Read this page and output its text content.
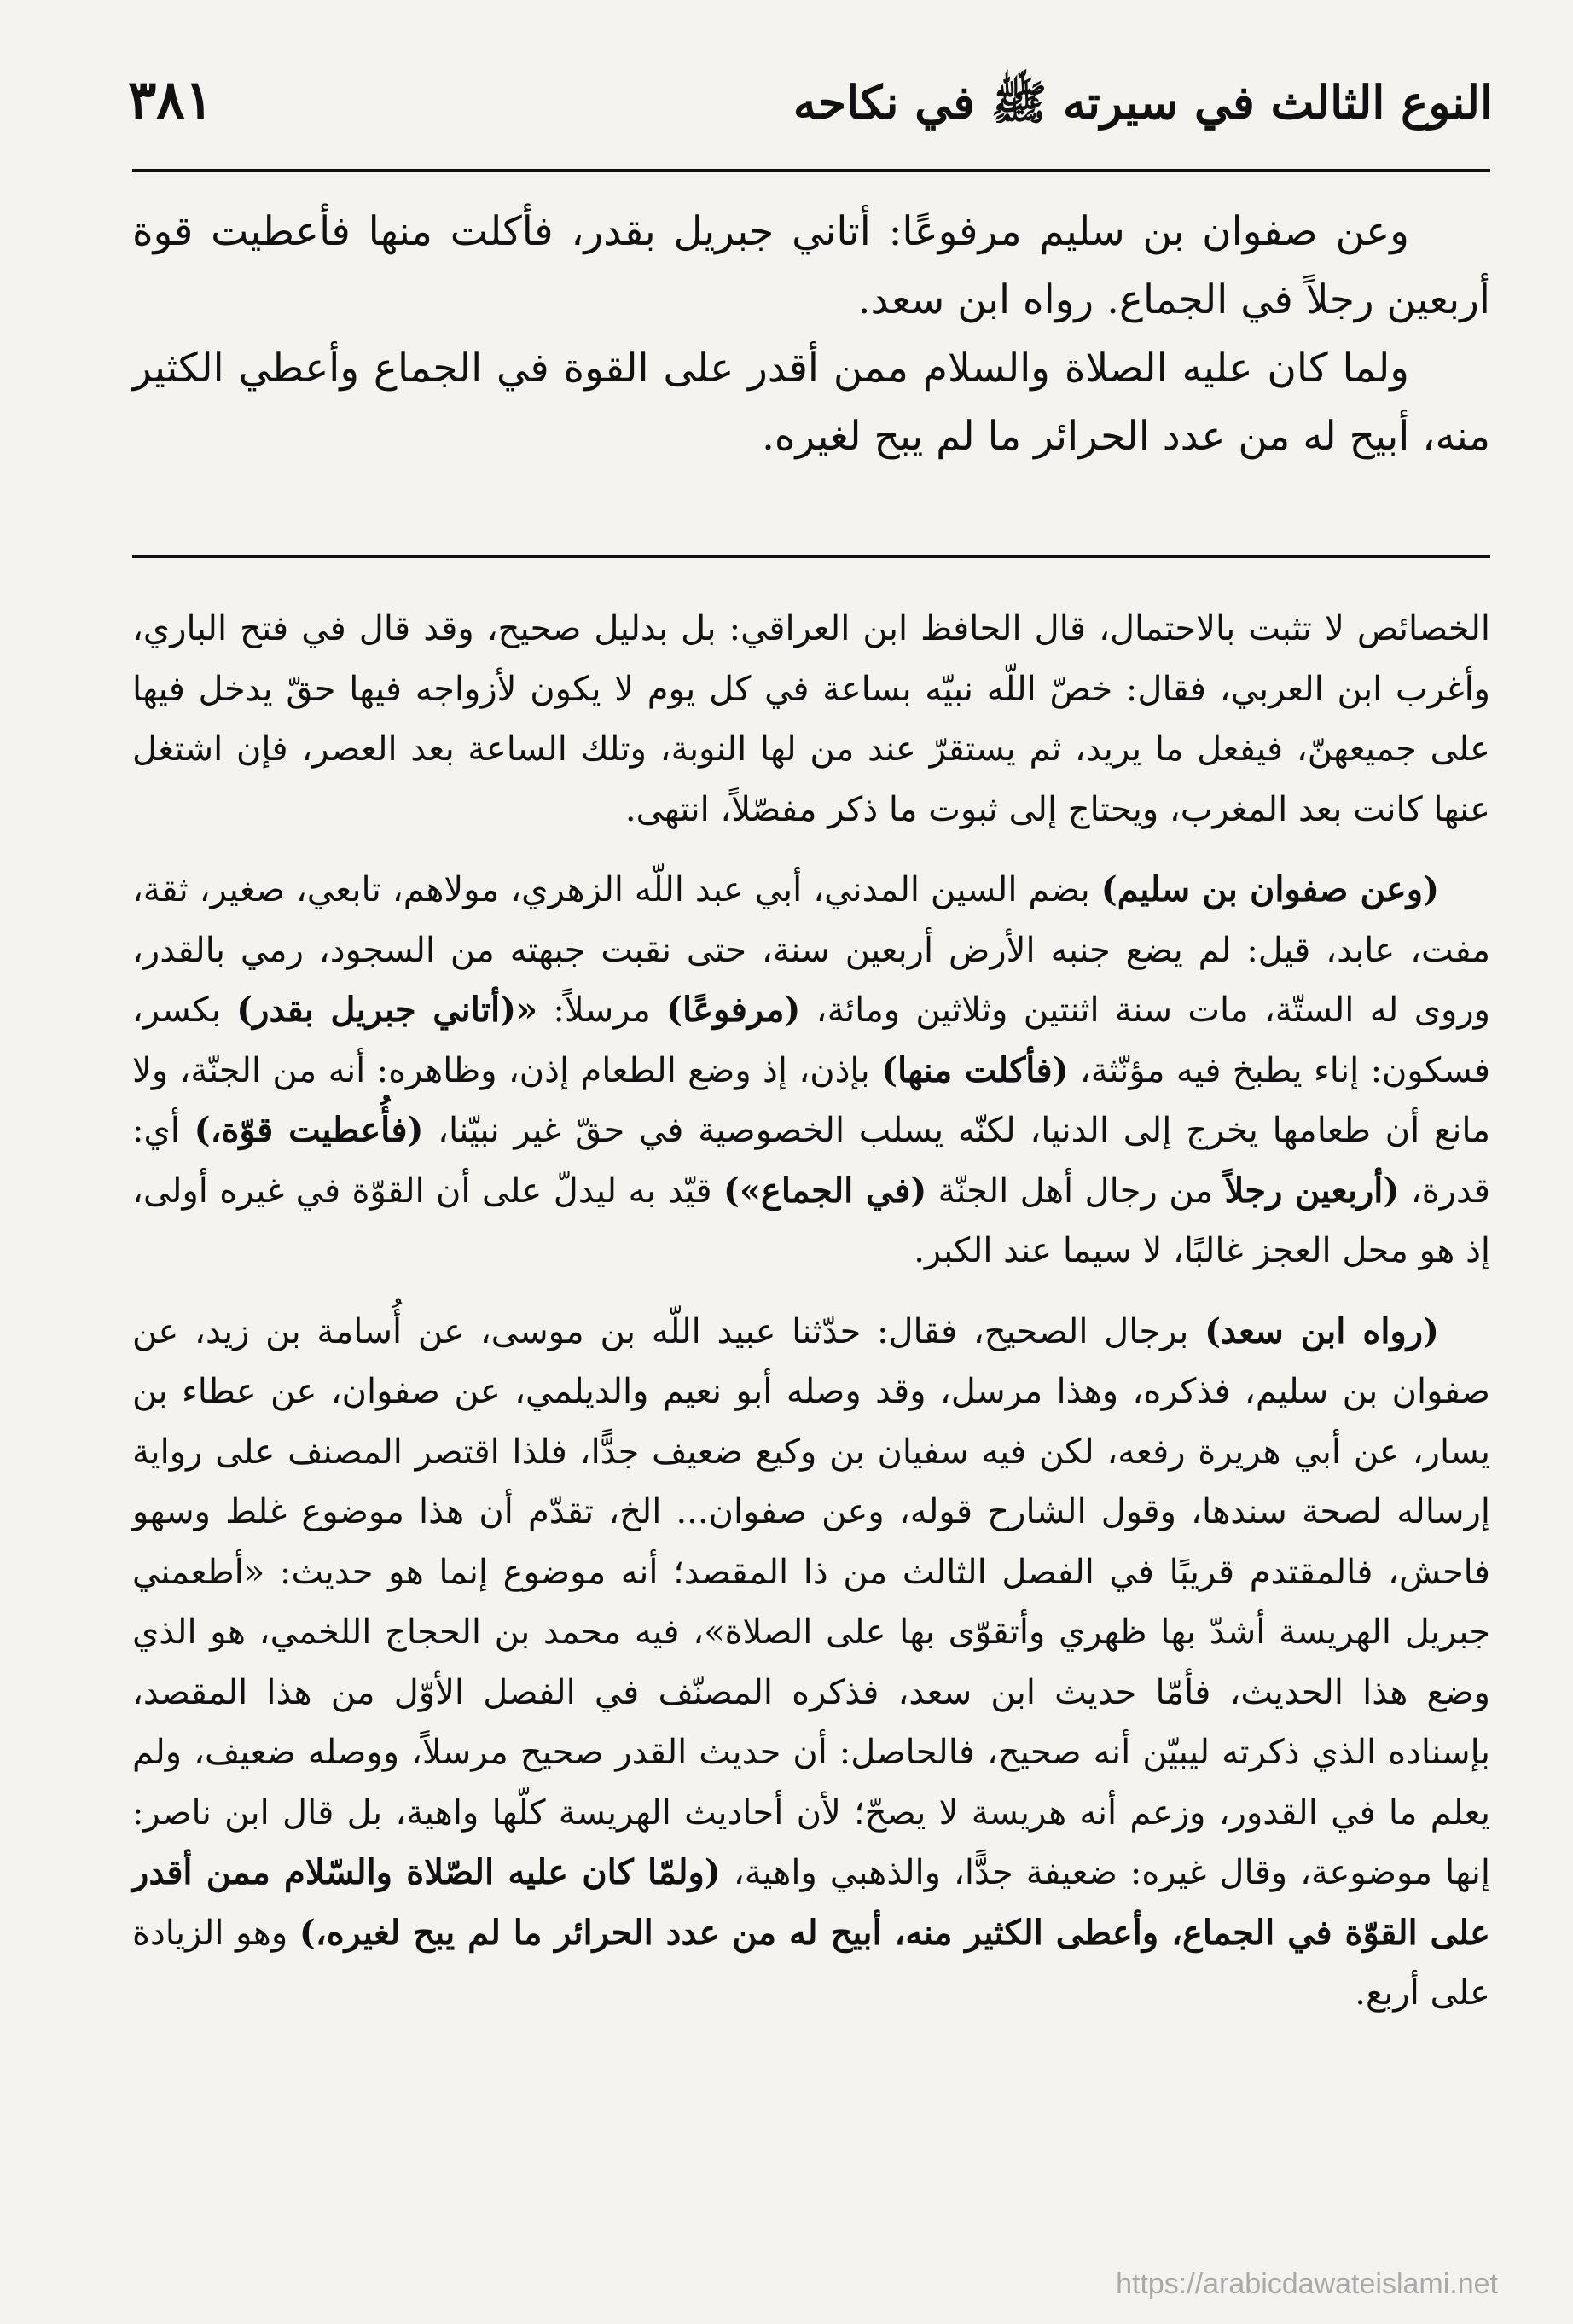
النوع الثالث في سيرته ﷺ في نكاحه
٣٨١

وعن صفوان بن سليم مرفوعًا: أتاني جبريل بقدر، فأكلت منها فأعطيت قوة أربعين رجلاً في الجماع. رواه ابن سعد.

ولما كان عليه الصلاة والسلام ممن أقدر على القوة في الجماع وأعطي الكثير منه، أبيح له من عدد الحرائر ما لم يبح لغيره.

الخصائص لا تثبت بالاحتمال، قال الحافظ ابن العراقي: بل بدليل صحيح، وقد قال في فتح الباري، وأغرب ابن العربي، فقال: خصّ اللّه نبيّه بساعة في كل يوم لا يكون لأزواجه فيها حقّ يدخل فيها على جميعهنّ، فيفعل ما يريد، ثم يستقرّ عند من لها النوبة، وتلك الساعة بعد العصر، فإن اشتغل عنها كانت بعد المغرب، ويحتاج إلى ثبوت ما ذكر مفصّلاً، انتهى.

(وعن صفوان بن سليم) بضم السين المدني، أبي عبد اللّه الزهري، مولاهم، تابعي، صغير، ثقة، مفت، عابد، قيل: لم يضع جنبه الأرض أربعين سنة، حتى نقبت جبهته من السجود، رمي بالقدر، وروى له الستّة، مات سنة اثنتين وثلاثين ومائة، (مرفوعًا) مرسلاً: «(أتاني جبريل بقدر) بكسر، فسكون: إناء يطبخ فيه مؤنّثة، (فأكلت منها) بإذن، إذ وضع الطعام إذن، وظاهره: أنه من الجنّة، ولا مانع أن طعامها يخرج إلى الدنيا، لكنّه يسلب الخصوصية في حقّ غير نبيّنا، (فأُعطيت قوّة،) أي: قدرة، (أربعين رجلاً من رجال أهل الجنّة (في الجماع») قيّد به ليدلّ على أن القوّة في غيره أولى، إذ هو محل العجز غالبًا، لا سيما عند الكبر.

(رواه ابن سعد) برجال الصحيح، فقال: حدّثنا عبيد اللّه بن موسى، عن أُسامة بن زيد، عن صفوان بن سليم، فذكره، وهذا مرسل، وقد وصله أبو نعيم والديلمي، عن صفوان، عن عطاء بن يسار، عن أبي هريرة رفعه، لكن فيه سفيان بن وكيع ضعيف جدًّا، فلذا اقتصر المصنف على رواية إرساله لصحة سندها، وقول الشارح قوله، وعن صفوان... الخ، تقدّم أن هذا موضوع غلط وسهو فاحش، فالمقتدم قريبًا في الفصل الثالث من ذا المقصد؛ أنه موضوع إنما هو حديث: «أطعمني جبريل الهريسة أشدّ بها ظهري وأتقوّى بها على الصلاة»، فيه محمد بن الحجاج اللخمي، هو الذي وضع هذا الحديث، فأمّا حديث ابن سعد، فذكره المصنّف في الفصل الأوّل من هذا المقصد، بإسناده الذي ذكرته ليبيّن أنه صحيح، فالحاصل: أن حديث القدر صحيح مرسلاً، ووصله ضعيف، ولم يعلم ما في القدور، وزعم أنه هريسة لا يصحّ؛ لأن أحاديث الهريسة كلّها واهية، بل قال ابن ناصر: إنها موضوعة، وقال غيره: ضعيفة جدًّا، والذهبي واهية، (ولمّا كان عليه الصّلاة والسّلام ممن أقدر على القوّة في الجماع، وأعطى الكثير منه، أبيح له من عدد الحرائر ما لم يبح لغيره،) وهو الزيادة على أربع.

https://arabicdawateislami.net
